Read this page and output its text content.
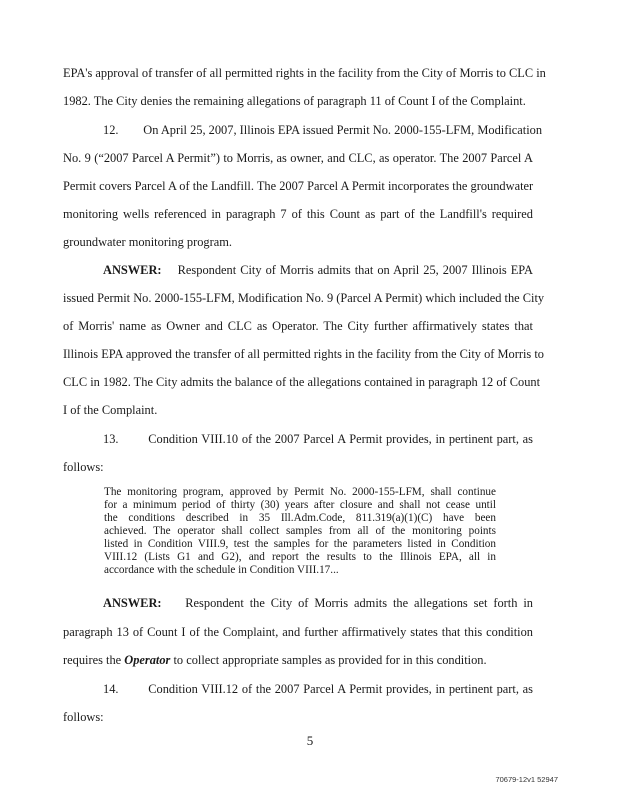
EPA's approval of transfer of all permitted rights in the facility from the City of Morris to CLC in
1982. The City denies the remaining allegations of paragraph 11 of Count I of the Complaint.
12.        On April 25, 2007, Illinois EPA issued Permit No. 2000-155-LFM, Modification
No. 9 (“2007 Parcel A Permit”) to Morris, as owner, and CLC, as operator. The 2007 Parcel A
Permit covers Parcel A of the Landfill. The 2007 Parcel A Permit incorporates the groundwater
monitoring wells referenced in paragraph 7 of this Count as part of the Landfill's required
groundwater monitoring program.
ANSWER: Respondent City of Morris admits that on April 25, 2007 Illinois EPA
issued Permit No. 2000-155-LFM, Modification No. 9 (Parcel A Permit) which included the City
of Morris' name as Owner and CLC as Operator. The City further affirmatively states that
Illinois EPA approved the transfer of all permitted rights in the facility from the City of Morris to
CLC in 1982. The City admits the balance of the allegations contained in paragraph 12 of Count
I of the Complaint.
13.        Condition VIII.10 of the 2007 Parcel A Permit provides, in pertinent part, as
follows:
The monitoring program, approved by Permit No. 2000-155-LFM, shall continue
for a minimum period of thirty (30) years after closure and shall not cease until
the conditions described in 35 Ill.Adm.Code, 811.319(a)(1)(C) have been
achieved. The operator shall collect samples from all of the monitoring points
listed in Condition VIII.9, test the samples for the parameters listed in Condition
VIII.12 (Lists G1 and G2), and report the results to the Illinois EPA, all in
accordance with the schedule in Condition VIII.17...
ANSWER: Respondent the City of Morris admits the allegations set forth in
paragraph 13 of Count I of the Complaint, and further affirmatively states that this condition
requires the Operator to collect appropriate samples as provided for in this condition.
14.        Condition VIII.12 of the 2007 Parcel A Permit provides, in pertinent part, as
follows:
5
70679-12v1 52947
